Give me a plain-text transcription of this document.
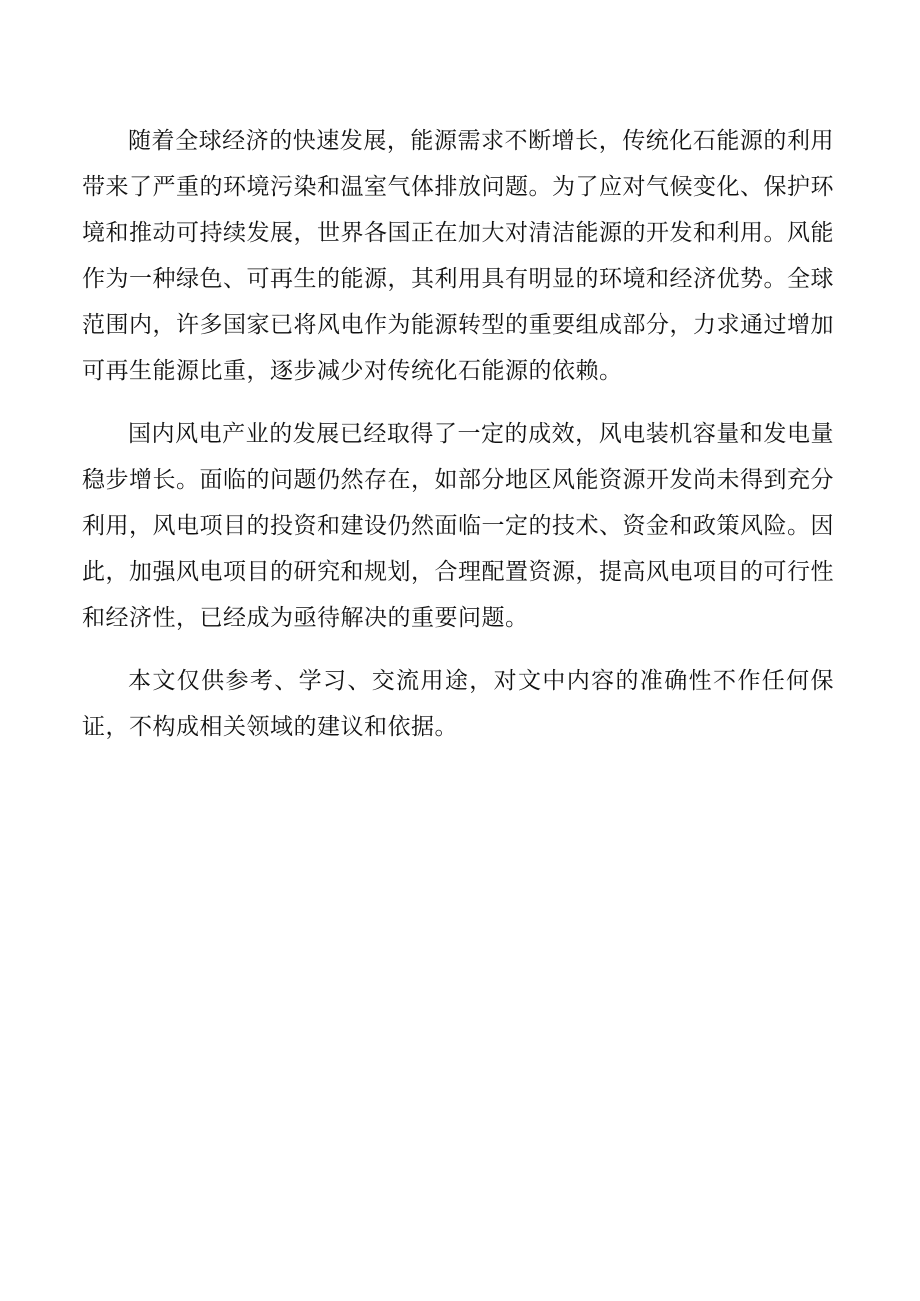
随着全球经济的快速发展，能源需求不断增长，传统化石能源的利用带来了严重的环境污染和温室气体排放问题。为了应对气候变化、保护环境和推动可持续发展，世界各国正在加大对清洁能源的开发和利用。风能作为一种绿色、可再生的能源，其利用具有明显的环境和经济优势。全球范围内，许多国家已将风电作为能源转型的重要组成部分，力求通过增加可再生能源比重，逐步减少对传统化石能源的依赖。

国内风电产业的发展已经取得了一定的成效，风电装机容量和发电量稳步增长。面临的问题仍然存在，如部分地区风能资源开发尚未得到充分利用，风电项目的投资和建设仍然面临一定的技术、资金和政策风险。因此，加强风电项目的研究和规划，合理配置资源，提高风电项目的可行性和经济性，已经成为亟待解决的重要问题。

本文仅供参考、学习、交流用途，对文中内容的准确性不作任何保证，不构成相关领域的建议和依据。
